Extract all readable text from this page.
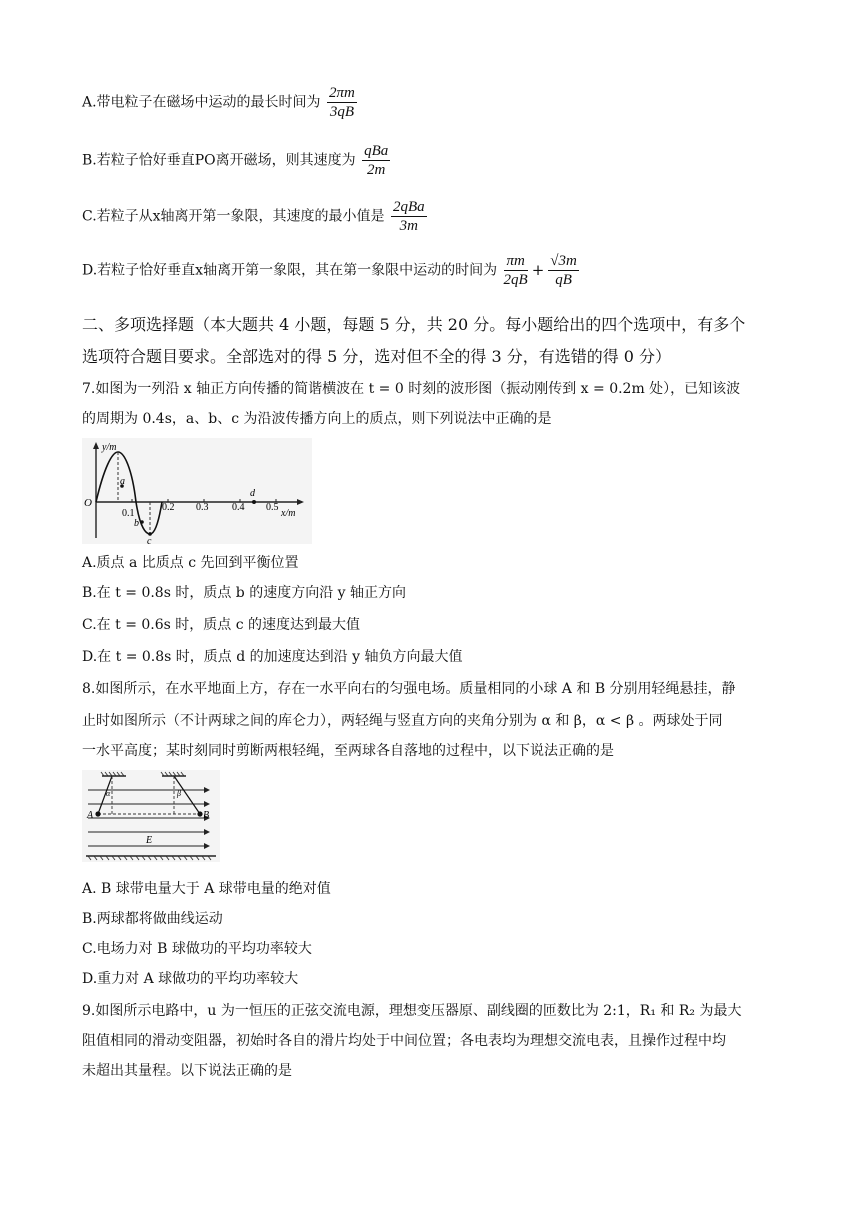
A.带电粒子在磁场中运动的最长时间为 $\frac{2\pi m}{3qB}$
B.若粒子恰好垂直PO离开磁场，则其速度为 $\frac{\text{qBa}}{2m}$
C.若粒子从x轴离开第一象限，其速度的最小值是 $\frac{\text{2qBa}}{3m}$
D.若粒子恰好垂直x轴离开第一象限，其在第一象限中运动的时间为 $\frac{\pi m}{2qB} + \frac{√3m}{qB}$
二、多项选择题（本大题共 4 小题，每题 5 分，共 20 分。每小题给出的四个选项中，有多个
选项符合题目要求。全部选对的得 5 分，选对但不全的得 3 分，有选错的得 0 分）
7.如图为一列沿 x 轴正方向传播的简谐横波在 t = 0 时刻的波形图（振动刚传到 x = 0.2m 处），已知该波
的周期为 0.4s，a、b、c 为沿波传播方向上的质点，则下列说法中正确的是
y/m
O
x/m
0.1
0.2 0.3 0.4 0.5
a
b
c
d
A.质点 a 比质点 c 先回到平衡位置
B.在 t = 0.8s 时，质点 b 的速度方向沿 y 轴正方向
C.在 t = 0.6s 时，质点 c 的速度达到最大值
D.在 t = 0.8s 时，质点 d 的加速度达到沿 y 轴负方向最大值
8.如图所示，在水平地面上方，存在一水平向右的匀强电场。质量相同的小球 A 和 B 分别用轻绳悬挂，静
止时如图所示（不计两球之间的库仑力），两轻绳与竖直方向的夹角分别为 α 和 β，α < β 。两球处于同
一水平高度；某时刻同时剪断两根轻绳，至两球各自落地的过程中，以下说法正确的是
A	B
α	β
E
A. B 球带电量大于 A 球带电量的绝对值
B.两球都将做曲线运动
C.电场力对 B 球做功的平均功率较大
D.重力对 A 球做功的平均功率较大
9.如图所示电路中，u 为一恒压的正弦交流电源，理想变压器原、副线圈的匝数比为 2:1，R₁ 和 R₂ 为最大
阻值相同的滑动变阻器，初始时各自的滑片均处于中间位置；各电表均为理想交流电表，且操作过程中均
未超出其量程。以下说法正确的是
